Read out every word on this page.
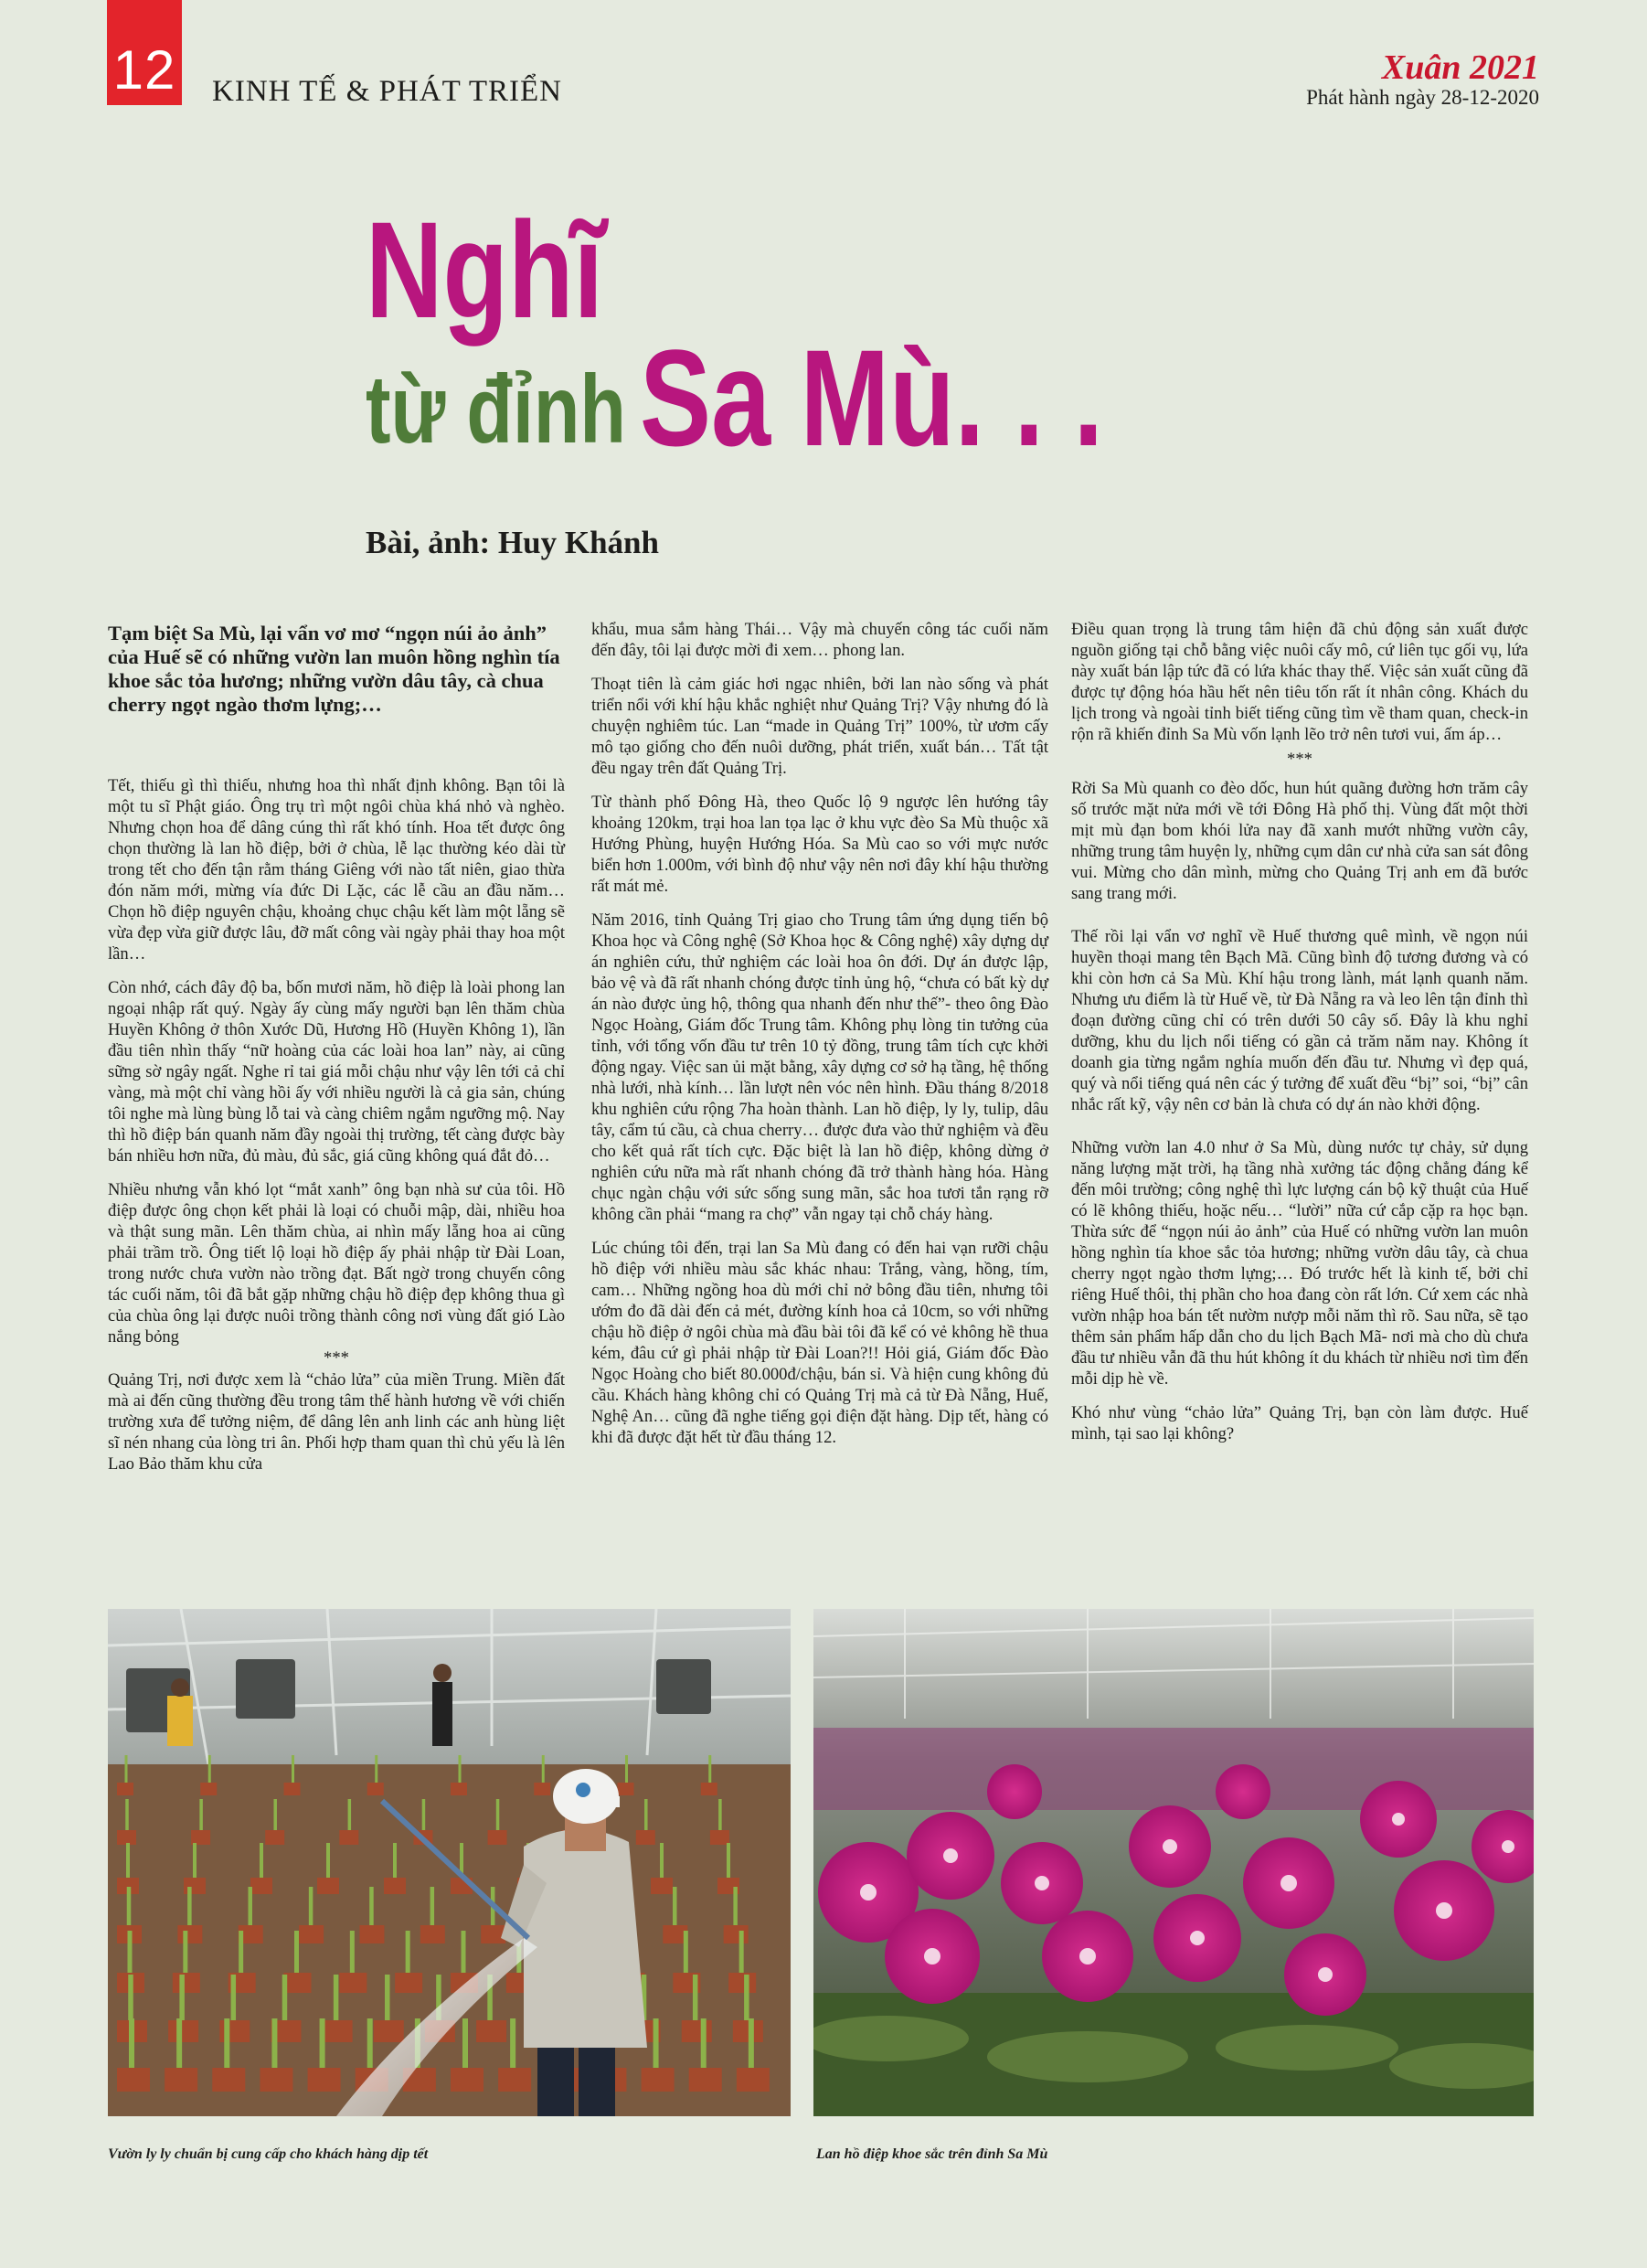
12 KINH TẾ & PHÁT TRIỂN
Xuân 2021
Phát hành ngày 28-12-2020
Nghĩ
từ đỉnh Sa Mù. . .
Bài, ảnh: Huy Khánh

Tạm biệt Sa Mù, lại vẩn vơ mơ “ngọn núi ảo ảnh” của Huế sẽ có những vườn lan muôn hồng nghìn tía khoe sắc tỏa hương; những vườn dâu tây, cà chua cherry ngọt ngào thơm lựng;…

Tết, thiếu gì thì thiếu, nhưng hoa thì nhất định không. Bạn tôi là một tu sĩ Phật giáo. Ông trụ trì một ngôi chùa khá nhỏ và nghèo. Nhưng chọn hoa để dâng cúng thì rất khó tính. Hoa tết được ông chọn thường là lan hồ điệp, bởi ở chùa, lễ lạc thường kéo dài từ trong tết cho đến tận rằm tháng Giêng với nào tất niên, giao thừa đón năm mới, mừng vía đức Di Lặc, các lễ cầu an đầu năm… Chọn hồ điệp nguyên chậu, khoảng chục chậu kết làm một lẵng sẽ vừa đẹp vừa giữ được lâu, đỡ mất công vài ngày phải thay hoa một lần…

Còn nhớ, cách đây độ ba, bốn mươi năm, hồ điệp là loài phong lan ngoại nhập rất quý. Ngày ấy cùng mấy người bạn lên thăm chùa Huyền Không ở thôn Xước Dũ, Hương Hồ (Huyền Không 1), lần đầu tiên nhìn thấy “nữ hoàng của các loài hoa lan” này, ai cũng sững sờ ngây ngất. Nghe rỉ tai giá mỗi chậu như vậy lên tới cả chỉ vàng, mà một chỉ vàng hồi ấy với nhiều người là cả gia sản, chúng tôi nghe mà lùng bùng lỗ tai và càng chiêm ngắm ngưỡng mộ. Nay thì hồ điệp bán quanh năm đầy ngoài thị trường, tết càng được bày bán nhiều hơn nữa, đủ màu, đủ sắc, giá cũng không quá đắt đỏ…

Nhiều nhưng vẫn khó lọt “mắt xanh” ông bạn nhà sư của tôi. Hồ điệp được ông chọn kết phải là loại có chuỗi mập, dài, nhiều hoa và thật sung mãn. Lên thăm chùa, ai nhìn mấy lẵng hoa ai cũng phải trầm trồ. Ông tiết lộ loại hồ điệp ấy phải nhập từ Đài Loan, trong nước chưa vườn nào trồng đạt. Bất ngờ trong chuyến công tác cuối năm, tôi đã bắt gặp những chậu hồ điệp đẹp không thua gì của chùa ông lại được nuôi trồng thành công nơi vùng đất gió Lào nắng bỏng

***

Quảng Trị, nơi được xem là “chảo lửa” của miền Trung. Miền đất mà ai đến cũng thường đều trong tâm thế hành hương về với chiến trường xưa để tưởng niệm, để dâng lên anh linh các anh hùng liệt sĩ nén nhang của lòng tri ân. Phối hợp tham quan thì chủ yếu là lên Lao Bảo thăm khu cửa

khẩu, mua sắm hàng Thái… Vậy mà chuyến công tác cuối năm đến đây, tôi lại được mời đi xem… phong lan.

Thoạt tiên là cảm giác hơi ngạc nhiên, bởi lan nào sống và phát triển nổi với khí hậu khắc nghiệt như Quảng Trị? Vậy nhưng đó là chuyện nghiêm túc. Lan “made in Quảng Trị” 100%, từ ươm cấy mô tạo giống cho đến nuôi dưỡng, phát triển, xuất bán… Tất tật đều ngay trên đất Quảng Trị.

Từ thành phố Đông Hà, theo Quốc lộ 9 ngược lên hướng tây khoảng 120km, trại hoa lan tọa lạc ở khu vực đèo Sa Mù thuộc xã Hướng Phùng, huyện Hướng Hóa. Sa Mù cao so với mực nước biển hơn 1.000m, với bình độ như vậy nên nơi đây khí hậu thường rất mát mẻ.

Năm 2016, tỉnh Quảng Trị giao cho Trung tâm ứng dụng tiến bộ Khoa học và Công nghệ (Sở Khoa học & Công nghệ) xây dựng dự án nghiên cứu, thử nghiệm các loài hoa ôn đới. Dự án được lập, bảo vệ và đã rất nhanh chóng được tỉnh ủng hộ, “chưa có bất kỳ dự án nào được ủng hộ, thông qua nhanh đến như thế”- theo ông Đào Ngọc Hoàng, Giám đốc Trung tâm. Không phụ lòng tin tưởng của tỉnh, với tổng vốn đầu tư trên 10 tỷ đồng, trung tâm tích cực khởi động ngay. Việc san ủi mặt bằng, xây dựng cơ sở hạ tầng, hệ thống nhà lưới, nhà kính… lần lượt nên vóc nên hình. Đầu tháng 8/2018 khu nghiên cứu rộng 7ha hoàn thành. Lan hồ điệp, ly ly, tulip, dâu tây, cẩm tú cầu, cà chua cherry… được đưa vào thử nghiệm và đều cho kết quả rất tích cực. Đặc biệt là lan hồ điệp, không dừng ở nghiên cứu nữa mà rất nhanh chóng đã trở thành hàng hóa. Hàng chục ngàn chậu với sức sống sung mãn, sắc hoa tươi tắn rạng rỡ không cần phải “mang ra chợ” vẫn ngay tại chỗ cháy hàng.

Lúc chúng tôi đến, trại lan Sa Mù đang có đến hai vạn rưỡi chậu hồ điệp với nhiều màu sắc khác nhau: Trắng, vàng, hồng, tím, cam… Những ngồng hoa dù mới chỉ nở bông đầu tiên, nhưng tôi ướm đo đã dài đến cả mét, đường kính hoa cả 10cm, so với những chậu hồ điệp ở ngôi chùa mà đầu bài tôi đã kể có vẻ không hề thua kém, đâu cứ gì phải nhập từ Đài Loan?!! Hỏi giá, Giám đốc Đào Ngọc Hoàng cho biết 80.000đ/chậu, bán sỉ. Và hiện cung không đủ cầu. Khách hàng không chỉ có Quảng Trị mà cả từ Đà Nẵng, Huế, Nghệ An… cũng đã nghe tiếng gọi điện đặt hàng. Dịp tết, hàng có khi đã được đặt hết từ đầu tháng 12.

Điều quan trọng là trung tâm hiện đã chủ động sản xuất được nguồn giống tại chỗ bằng việc nuôi cấy mô, cứ liên tục gối vụ, lứa này xuất bán lập tức đã có lứa khác thay thế. Việc sản xuất cũng đã được tự động hóa hầu hết nên tiêu tốn rất ít nhân công. Khách du lịch trong và ngoài tỉnh biết tiếng cũng tìm về tham quan, check-in rộn rã khiến đỉnh Sa Mù vốn lạnh lẽo trở nên tươi vui, ấm áp…

***

Rời Sa Mù quanh co đèo dốc, hun hút quãng đường hơn trăm cây số trước mặt nửa mới về tới Đông Hà phố thị. Vùng đất một thời mịt mù đạn bom khói lửa nay đã xanh mướt những vườn cây, những trung tâm huyện lỵ, những cụm dân cư nhà cửa san sát đông vui. Mừng cho dân mình, mừng cho Quảng Trị anh em đã bước sang trang mới.

Thế rồi lại vẩn vơ nghĩ về Huế thương quê mình, về ngọn núi huyền thoại mang tên Bạch Mã. Cũng bình độ tương đương và có khi còn hơn cả Sa Mù. Khí hậu trong lành, mát lạnh quanh năm. Nhưng ưu điểm là từ Huế về, từ Đà Nẵng ra và leo lên tận đỉnh thì đoạn đường cũng chỉ có trên dưới 50 cây số. Đây là khu nghỉ dưỡng, khu du lịch nổi tiếng có gần cả trăm năm nay. Không ít doanh gia từng ngắm nghía muốn đến đầu tư. Nhưng vì đẹp quá, quý và nổi tiếng quá nên các ý tưởng để xuất đều “bị” soi, “bị” cân nhắc rất kỹ, vậy nên cơ bản là chưa có dự án nào khởi động.

Những vườn lan 4.0 như ở Sa Mù, dùng nước tự chảy, sử dụng năng lượng mặt trời, hạ tầng nhà xưởng tác động chẳng đáng kể đến môi trường; công nghệ thì lực lượng cán bộ kỹ thuật của Huế có lẽ không thiếu, hoặc nếu… “lười” nữa cứ cắp cặp ra học bạn. Thừa sức để “ngọn núi ảo ảnh” của Huế có những vườn lan muôn hồng nghìn tía khoe sắc tỏa hương; những vườn dâu tây, cà chua cherry ngọt ngào thơm lựng;… Đó trước hết là kinh tế, bởi chỉ riêng Huế thôi, thị phần cho hoa đang còn rất lớn. Cứ xem các nhà vườn nhập hoa bán tết nườm nượp mỗi năm thì rõ. Sau nữa, sẽ tạo thêm sản phẩm hấp dẫn cho du lịch Bạch Mã- nơi mà cho dù chưa đầu tư nhiều vẫn đã thu hút không ít du khách từ nhiều nơi tìm đến mỗi dịp hè về.

Khó như vùng “chảo lửa” Quảng Trị, bạn còn làm được. Huế mình, tại sao lại không?

Vườn ly ly chuẩn bị cung cấp cho khách hàng dịp tết	Lan hồ điệp khoe sắc trên đỉnh Sa Mù
